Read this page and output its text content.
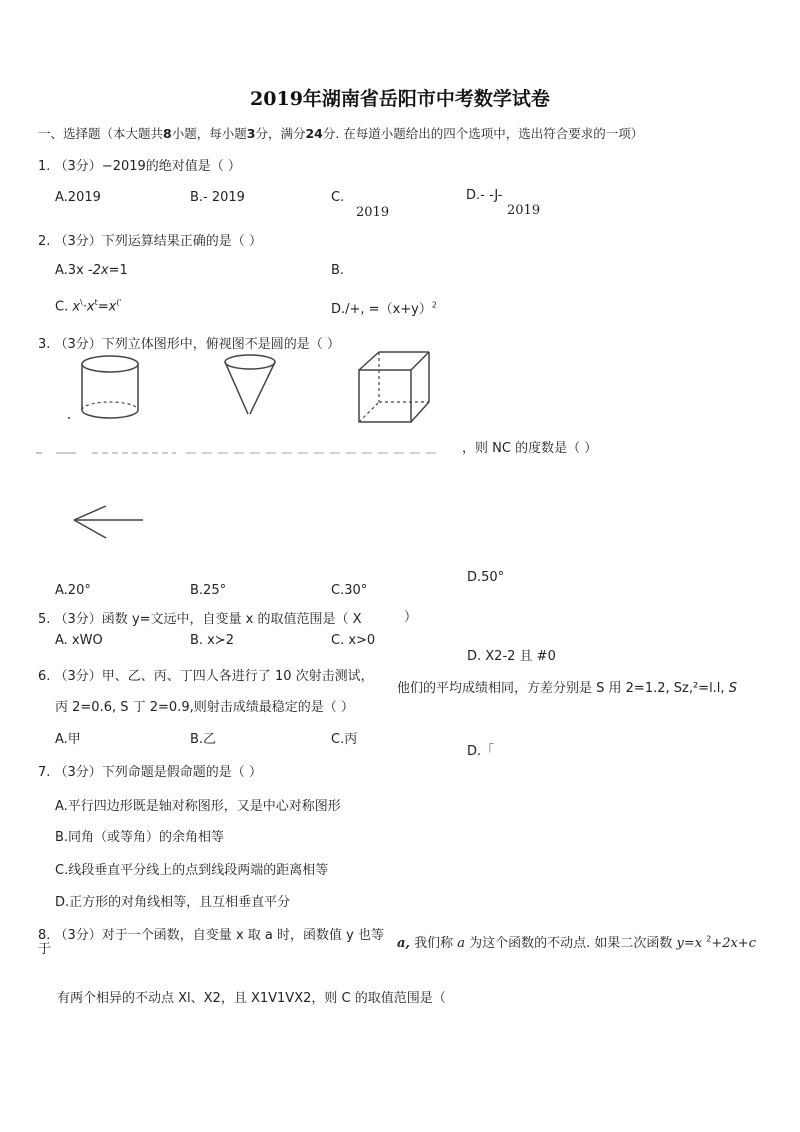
2019年湖南省岳阳市中考数学试卷
一、选择题（本大题共8小题，每小题3分，满分24分. 在每道小题给出的四个选项中，选出符合要求的一项）
1. （3分）−2019的绝对值是（ ）
A.2019	B.- 2019	C.
2019
D.- -J-
2019
2. （3分）下列运算结果正确的是（ ）
A.3x -2x=1	B.
C. $x^\backslash\cdot x^t=x^{(ʾ}$	D./+, $=(x+y)^2$
3. （3分）下列立体图形中，俯视图不是圆的是（ ）
，则 NC 的度数是（ ）
A.20°	B.25°	C.30°
D.50°
5. （3分）函数 y=文远中，自变量 x 的取值范围是（ X	）
A. xWO	B. x≻2	C. x>0
D. X2-2 且 #0
6. （3分）甲、乙、丙、丁四人各进行了 10 次射击测试，
他们的平均成绩相同，方差分别是 S 用 2=1.2, Sz,²=l.l, S
丙 2=0.6, S 丁 2=0.9,则射击成绩最稳定的是（ ）
A.甲	B.乙	C.丙
D.「
7. （3分）下列命题是假命题的是（ ）
A.平行四边形既是轴对称图形，又是中心对称图形
B.同角（或等角）的余角相等
C.线段垂直平分线上的点到线段两端的距离相等
D.正方形的对角线相等，且互相垂直平分
8. （3分）对于一个函数，自变量 x 取 a 时，函数值 y 也等
于	a, 我们称 a 为这个函数的不动点. 如果二次函数 y=x $^2$+2x+c
有两个相异的不动点 Xl、X2，且 X1V1VX2，则 C 的取值范围是（
